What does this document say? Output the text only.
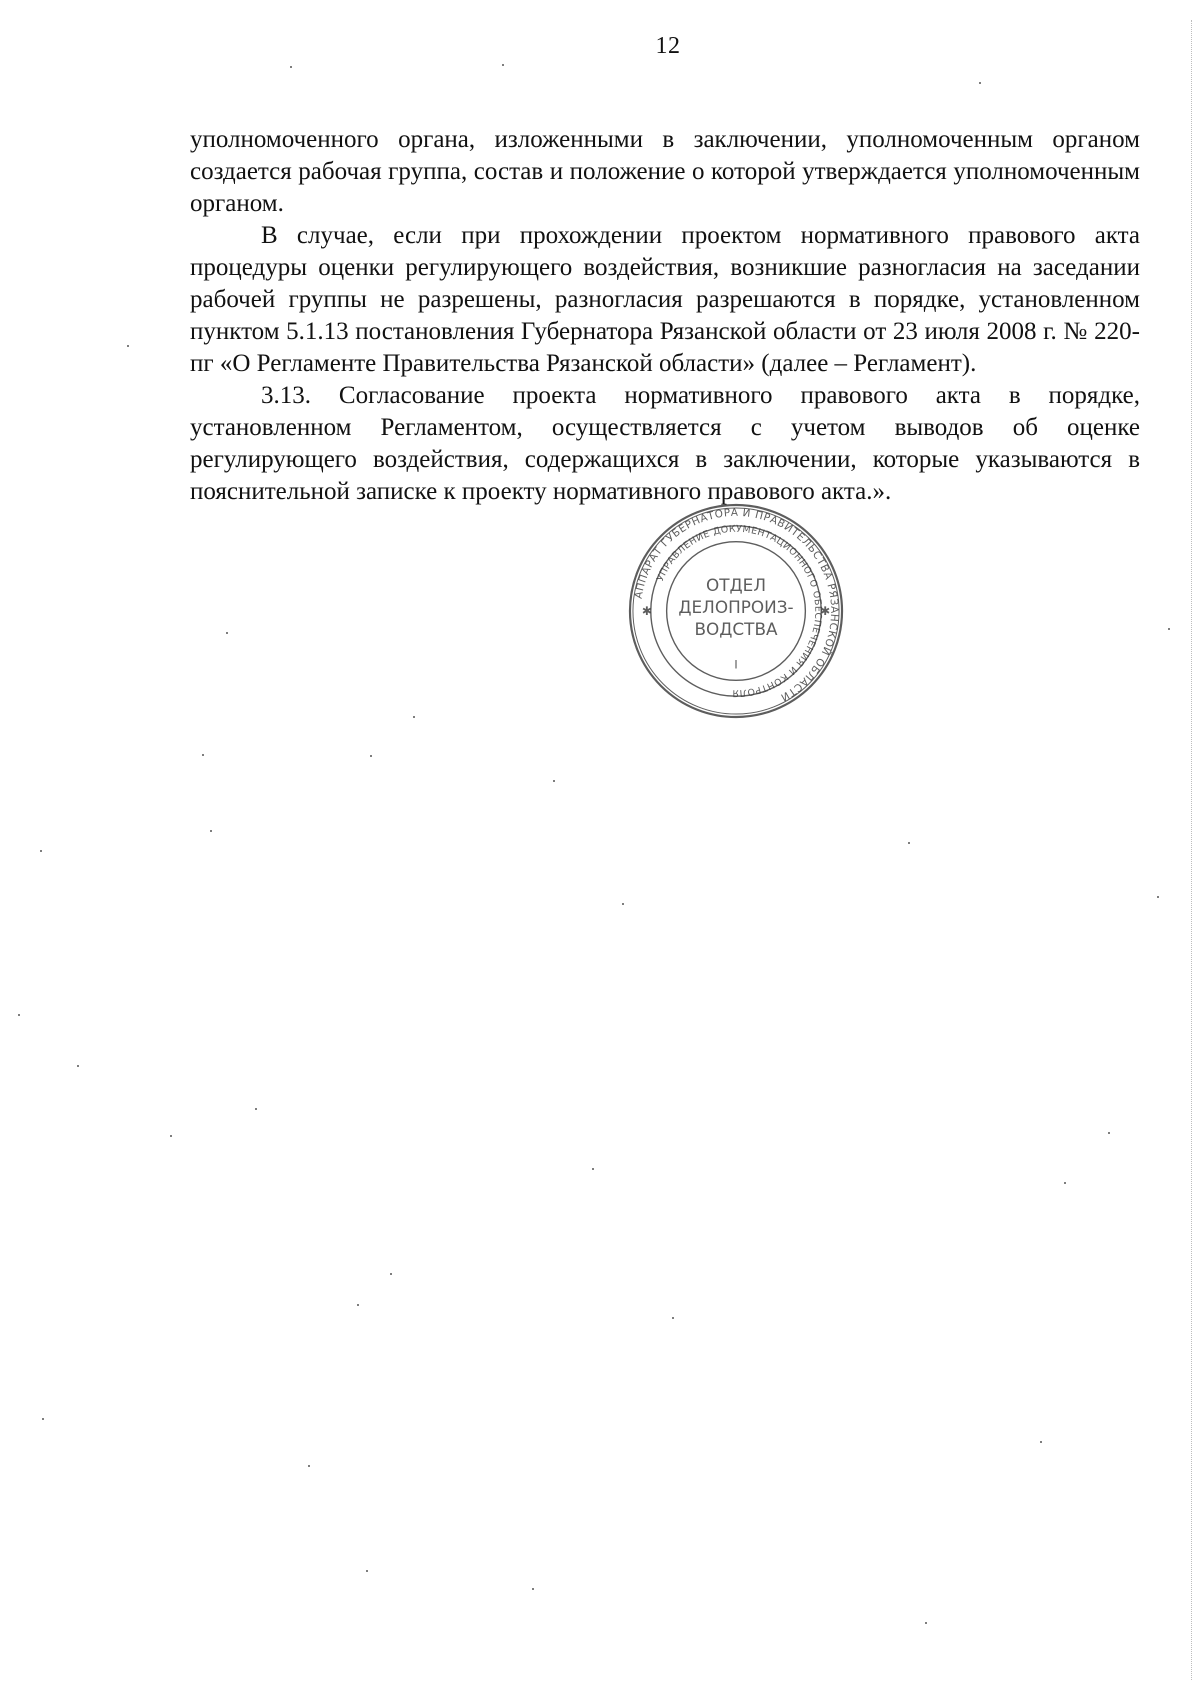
12

уполномоченного органа, изложенными в заключении, уполномоченным органом создается рабочая группа, состав и положение о которой утверждается уполномоченным органом.

В случае, если при прохождении проектом нормативного правового акта процедуры оценки регулирующего воздействия, возникшие разногласия на заседании рабочей группы не разрешены, разногласия разрешаются в порядке, установленном пунктом 5.1.13 постановления Губернатора Рязанской области от 23 июля 2008 г. № 220-пг «О Регламенте Правительства Рязанской области» (далее – Регламент).

3.13. Согласование проекта нормативного правового акта в порядке, установленном Регламентом, осуществляется с учетом выводов об оценке регулирующего воздействия, содержащихся в заключении, которые указываются в пояснительной записке к проекту нормативного правового акта.».

АППАРАТ ГУБЕРНАТОРА И ПРАВИТЕЛЬСТВА РЯЗАНСКОЙ ОБЛАСТИ
УПРАВЛЕНИЕ ДОКУМЕНТАЦИОННОГО ОБЕСПЕЧЕНИЯ И КОНТРОЛЯ
ОТДЕЛ
ДЕЛОПРОИЗ-
ВОДСТВА
I
✱	✱
